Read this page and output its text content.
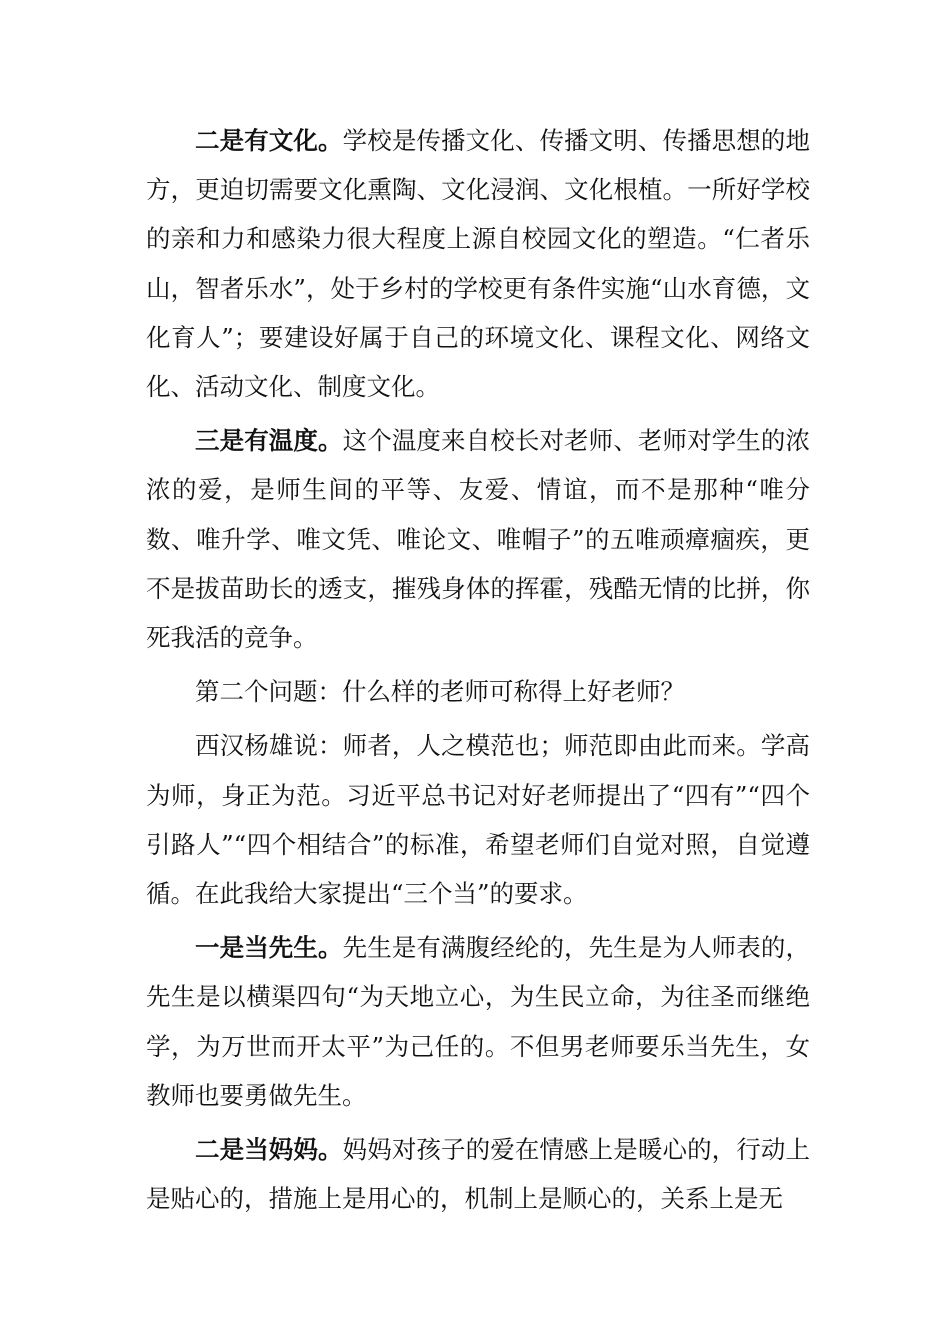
二是有文化。学校是传播文化、传播文明、传播思想的地方，更迫切需要文化熏陶、文化浸润、文化根植。一所好学校的亲和力和感染力很大程度上源自校园文化的塑造。“仁者乐山，智者乐水”，处于乡村的学校更有条件实施“山水育德，文化育人”；要建设好属于自己的环境文化、课程文化、网络文化、活动文化、制度文化。

三是有温度。这个温度来自校长对老师、老师对学生的浓浓的爱，是师生间的平等、友爱、情谊，而不是那种“唯分数、唯升学、唯文凭、唯论文、唯帽子”的五唯顽瘴痼疾，更不是拔苗助长的透支，摧残身体的挥霍，残酷无情的比拼，你死我活的竞争。

第二个问题：什么样的老师可称得上好老师？

西汉杨雄说：师者，人之模范也；师范即由此而来。学高为师，身正为范。习近平总书记对好老师提出了“四有”“四个引路人”“四个相结合”的标准，希望老师们自觉对照，自觉遵循。在此我给大家提出“三个当”的要求。

一是当先生。先生是有满腹经纶的，先生是为人师表的，先生是以横渠四句“为天地立心，为生民立命，为往圣而继绝学，为万世而开太平”为己任的。不但男老师要乐当先生，女教师也要勇做先生。

二是当妈妈。妈妈对孩子的爱在情感上是暖心的，行动上是贴心的，措施上是用心的，机制上是顺心的，关系上是无
